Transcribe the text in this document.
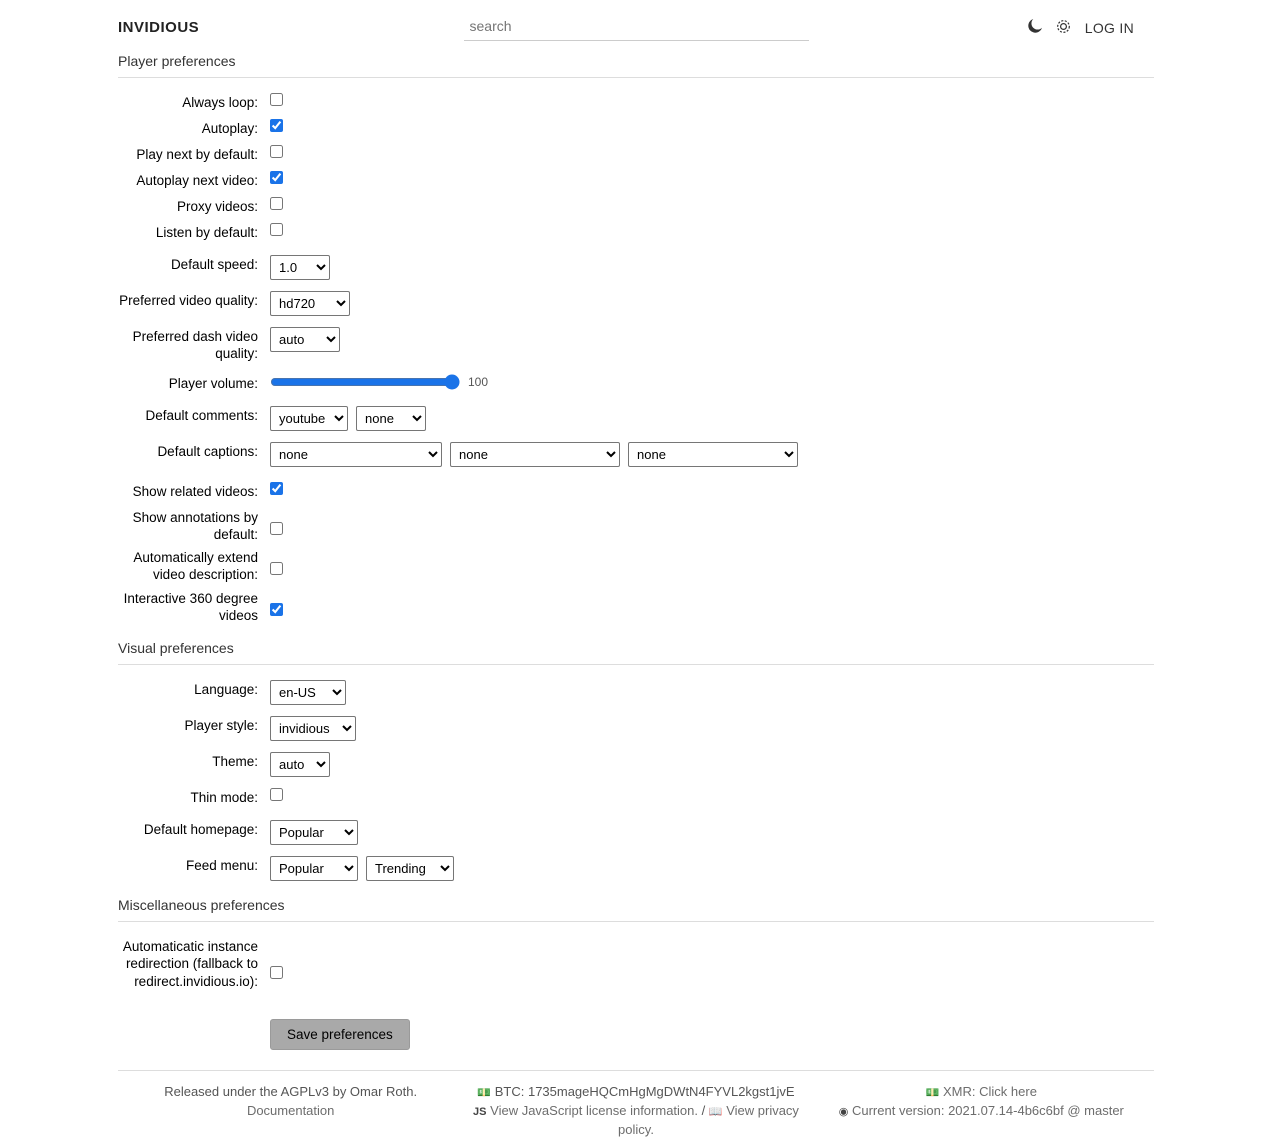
INVIDIOUS
search	LOG IN
Player preferences
Always loop:
Autoplay:
Play next by default:
Autoplay next video:
Proxy videos:
Listen by default:
Default speed:
1.0
Preferred video quality:
hd720
Preferred dash video quality:
auto
Player volume:	100
Default comments:
youtube
none
Default captions:
none
none
none
Show related videos:
Show annotations by default:
Automatically extend video description:
Interactive 360 degree videos
Visual preferences
Language:
en-US
Player style:
invidious
Theme:
auto
Thin mode:
Default homepage:
Popular
Feed menu:
Popular
Trending
Miscellaneous preferences
Automaticatic instance redirection (fallback to redirect.invidious.io):
Save preferences
Released under the AGPLv3 by Omar Roth.
Documentation
💵 BTC: 1735mageHQCmHgMgDWtN4FYVL2kgst1jvE
JS View JavaScript license information. / 📖 View privacy policy.
💵 XMR: Click here
◉ Current version: 2021.07.14-4b6c6bf @ master
